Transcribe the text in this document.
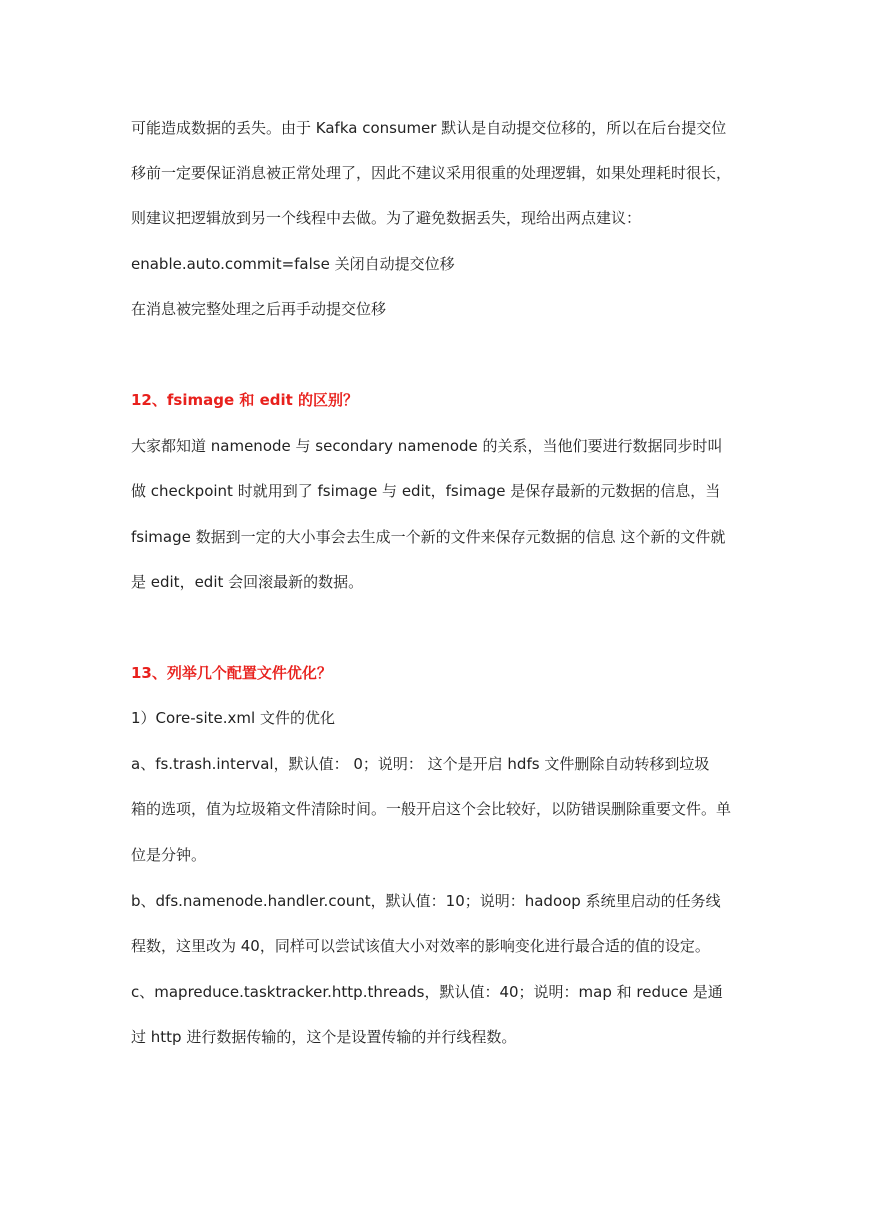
可能造成数据的丢失。由于 Kafka consumer 默认是自动提交位移的，所以在后台提交位
移前一定要保证消息被正常处理了，因此不建议采用很重的处理逻辑，如果处理耗时很长，
则建议把逻辑放到另一个线程中去做。为了避免数据丢失，现给出两点建议：
enable.auto.commit=false 关闭自动提交位移
在消息被完整处理之后再手动提交位移
12、fsimage 和 edit 的区别？
大家都知道 namenode 与 secondary namenode 的关系，当他们要进行数据同步时叫
做 checkpoint 时就用到了 fsimage 与 edit，fsimage 是保存最新的元数据的信息，当
fsimage 数据到一定的大小事会去生成一个新的文件来保存元数据的信息 这个新的文件就
是 edit，edit 会回滚最新的数据。
13、列举几个配置文件优化？
1）Core-site.xml 文件的优化
a、fs.trash.interval，默认值： 0；说明： 这个是开启 hdfs 文件删除自动转移到垃圾
箱的选项，值为垃圾箱文件清除时间。一般开启这个会比较好，以防错误删除重要文件。单
位是分钟。
b、dfs.namenode.handler.count，默认值：10；说明：hadoop 系统里启动的任务线
程数，这里改为 40，同样可以尝试该值大小对效率的影响变化进行最合适的值的设定。
c、mapreduce.tasktracker.http.threads，默认值：40；说明：map 和 reduce 是通
过 http 进行数据传输的，这个是设置传输的并行线程数。
